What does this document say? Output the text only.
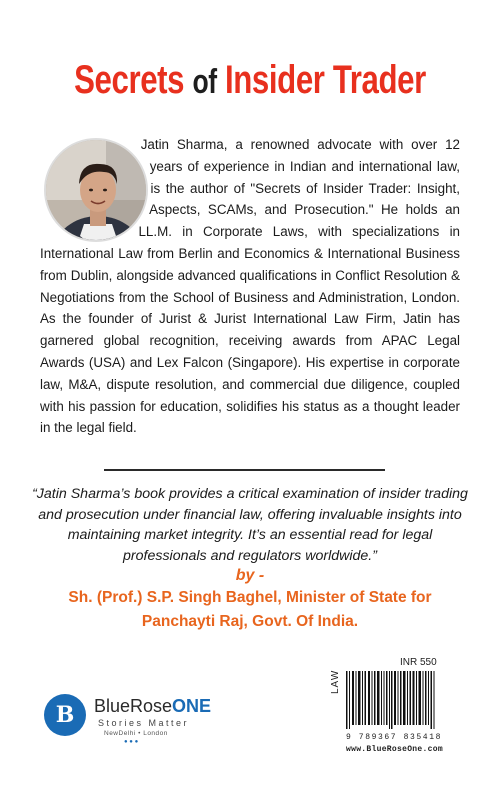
Secrets of Insider Trader
Jatin Sharma, a renowned advocate with over 12 years of experience in Indian and international law, is the author of "Secrets of Insider Trader: Insight, Aspects, SCAMs, and Prosecution." He holds an LL.M. in Corporate Laws, with specializations in International Law from Berlin and Economics & International Business from Dublin, alongside advanced qualifications in Conflict Resolution & Negotiations from the School of Business and Administration, London. As the founder of Jurist & Jurist International Law Firm, Jatin has garnered global recognition, receiving awards from APAC Legal Awards (USA) and Lex Falcon (Singapore). His expertise in corporate law, M&A, dispute resolution, and commercial due diligence, coupled with his passion for education, solidifies his status as a thought leader in the legal field.
“Jatin Sharma’s book provides a critical examination of insider trading and prosecution under financial law, offering invaluable insights into maintaining market integrity. It’s an essential read for legal professionals and regulators worldwide.”
by -
Sh. (Prof.) S.P. Singh Baghel, Minister of State for
Panchayti Raj, Govt. Of India.
B BlueRoseONE
Stories Matter
NewDelhi • London
● ● ●
INR 550
LAW
9 789367 835418
www.BlueRoseOne.com
